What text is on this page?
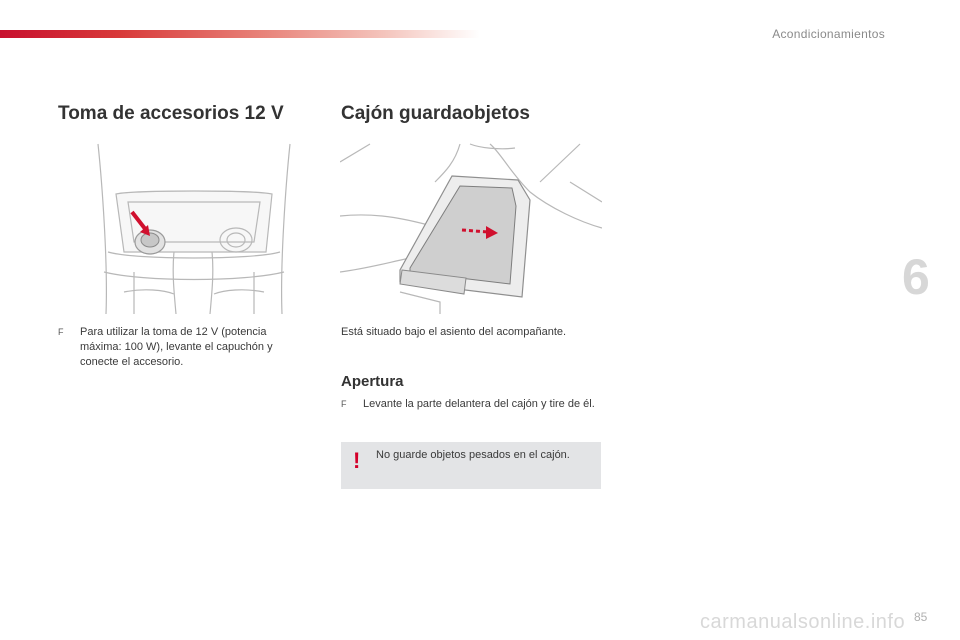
Acondicionamientos
Toma de accesorios 12 V	Cajón guardaobjetos
F	Para utilizar la toma de 12 V (potencia máxima: 100 W), levante el capuchón y conecte el accesorio.

Está situado bajo el asiento del acompañante.

Apertura
F	Levante la parte delantera del cajón y tire de él.
! No guarde objetos pesados en el cajón.
6
85
carmanualsonline.info
